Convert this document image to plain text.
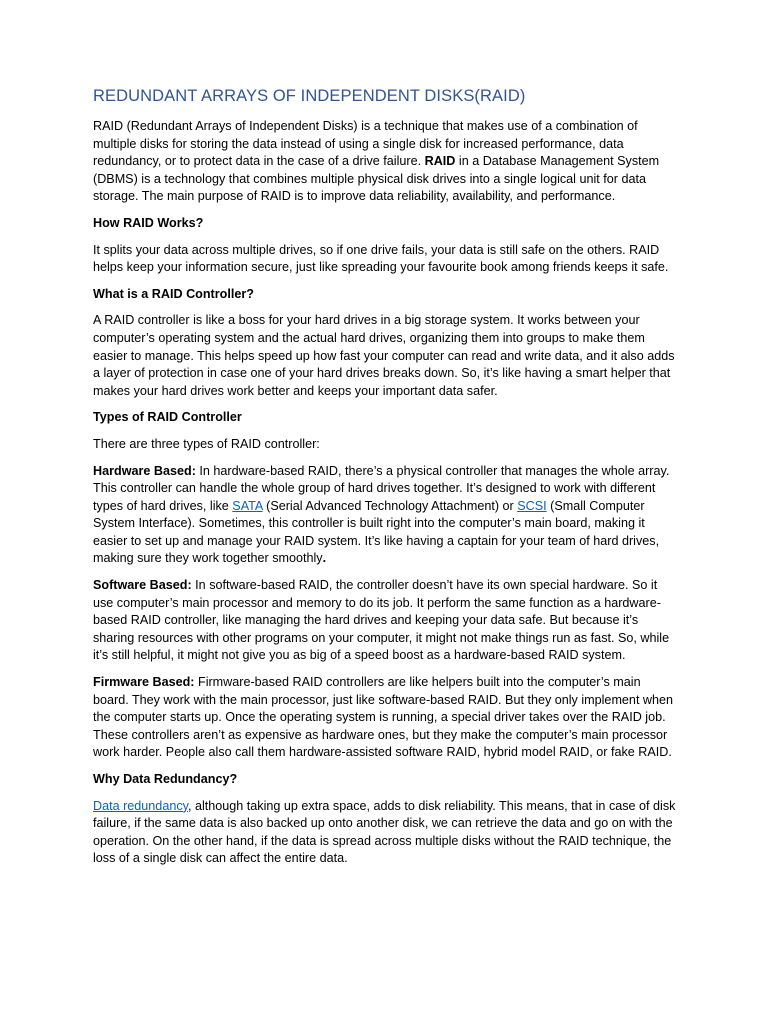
REDUNDANT ARRAYS OF INDEPENDENT DISKS(RAID)

RAID (Redundant Arrays of Independent Disks) is a technique that makes use of a combination of multiple disks for storing the data instead of using a single disk for increased performance, data redundancy, or to protect data in the case of a drive failure. RAID in a Database Management System (DBMS) is a technology that combines multiple physical disk drives into a single logical unit for data storage. The main purpose of RAID is to improve data reliability, availability, and performance.

How RAID Works?

It splits your data across multiple drives, so if one drive fails, your data is still safe on the others. RAID helps keep your information secure, just like spreading your favourite book among friends keeps it safe.

What is a RAID Controller?

A RAID controller is like a boss for your hard drives in a big storage system. It works between your computer’s operating system and the actual hard drives, organizing them into groups to make them easier to manage. This helps speed up how fast your computer can read and write data, and it also adds a layer of protection in case one of your hard drives breaks down. So, it’s like having a smart helper that makes your hard drives work better and keeps your important data safer.

Types of RAID Controller

There are three types of RAID controller:

Hardware Based: In hardware-based RAID, there’s a physical controller that manages the whole array. This controller can handle the whole group of hard drives together. It’s designed to work with different types of hard drives, like SATA (Serial Advanced Technology Attachment) or SCSI (Small Computer System Interface). Sometimes, this controller is built right into the computer’s main board, making it easier to set up and manage your RAID system. It’s like having a captain for your team of hard drives, making sure they work together smoothly.

Software Based: In software-based RAID, the controller doesn’t have its own special hardware. So it use computer’s main processor and memory to do its job. It perform the same function as a hardware-based RAID controller, like managing the hard drives and keeping your data safe. But because it’s sharing resources with other programs on your computer, it might not make things run as fast. So, while it’s still helpful, it might not give you as big of a speed boost as a hardware-based RAID system.

Firmware Based: Firmware-based RAID controllers are like helpers built into the computer’s main board. They work with the main processor, just like software-based RAID. But they only implement when the computer starts up. Once the operating system is running, a special driver takes over the RAID job. These controllers aren’t as expensive as hardware ones, but they make the computer’s main processor work harder. People also call them hardware-assisted software RAID, hybrid model RAID, or fake RAID.

Why Data Redundancy?

Data redundancy, although taking up extra space, adds to disk reliability. This means, that in case of disk failure, if the same data is also backed up onto another disk, we can retrieve the data and go on with the operation. On the other hand, if the data is spread across multiple disks without the RAID technique, the loss of a single disk can affect the entire data.
